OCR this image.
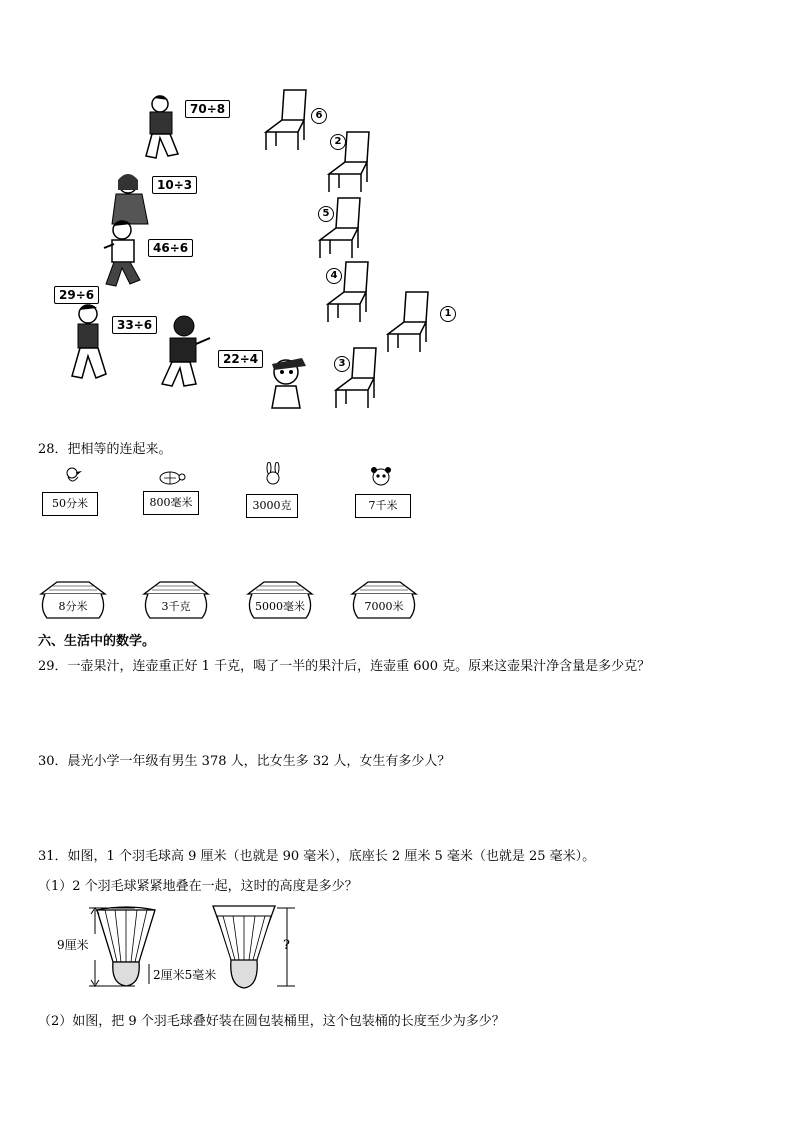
70÷8
10÷3
46÷6
29÷6
33÷6
22÷4
6
2
5
4
1
3
28．把相等的连起来。
50分米	800毫米	3000克	7千米
8分米	3千克	5000毫米	7000米
六、生活中的数学。
29．一壶果汁，连壶重正好 1 千克，喝了一半的果汁后，连壶重 600 克。原来这壶果汁净含量是多少克？
30．晨光小学一年级有男生 378 人，比女生多 32 人，女生有多少人？
31．如图，1 个羽毛球高 9 厘米（也就是 90 毫米），底座长 2 厘米 5 毫米（也就是 25 毫米）。
（1）2 个羽毛球紧紧地叠在一起，这时的高度是多少？
9厘米
2厘米5毫米
?
（2）如图，把 9 个羽毛球叠好装在圆包装桶里，这个包装桶的长度至少为多少？
